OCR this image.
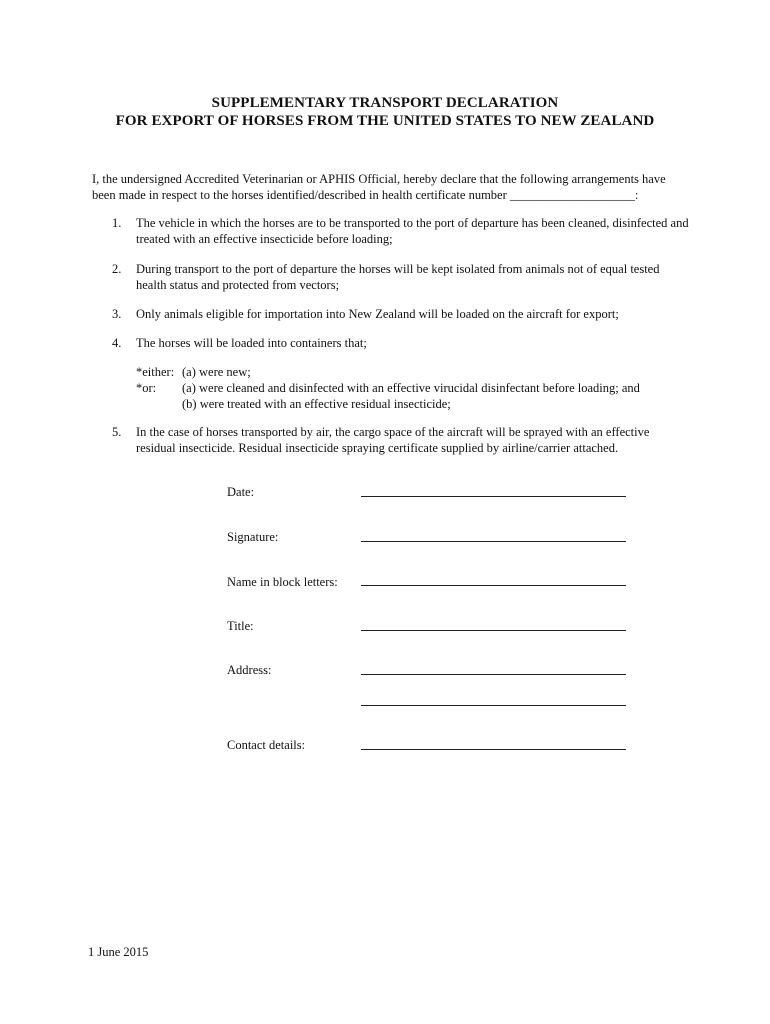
SUPPLEMENTARY TRANSPORT DECLARATION
FOR EXPORT OF HORSES FROM THE UNITED STATES TO NEW ZEALAND
I, the undersigned Accredited Veterinarian or APHIS Official, hereby declare that the following arrangements have been made in respect to the horses identified/described in health certificate number ____________________:
1. The vehicle in which the horses are to be transported to the port of departure has been cleaned, disinfected and treated with an effective insecticide before loading;
2. During transport to the port of departure the horses will be kept isolated from animals not of equal tested health status and protected from vectors;
3. Only animals eligible for importation into New Zealand will be loaded on the aircraft for export;
4. The horses will be loaded into containers that;
*either: (a) were new;
*or: (a) were cleaned and disinfected with an effective virucidal disinfectant before loading; and
(b) were treated with an effective residual insecticide;
5. In the case of horses transported by air, the cargo space of the aircraft will be sprayed with an effective residual insecticide. Residual insecticide spraying certificate supplied by airline/carrier attached.
Date:
Signature:
Name in block letters:
Title:
Address:
Contact details:
1 June 2015
